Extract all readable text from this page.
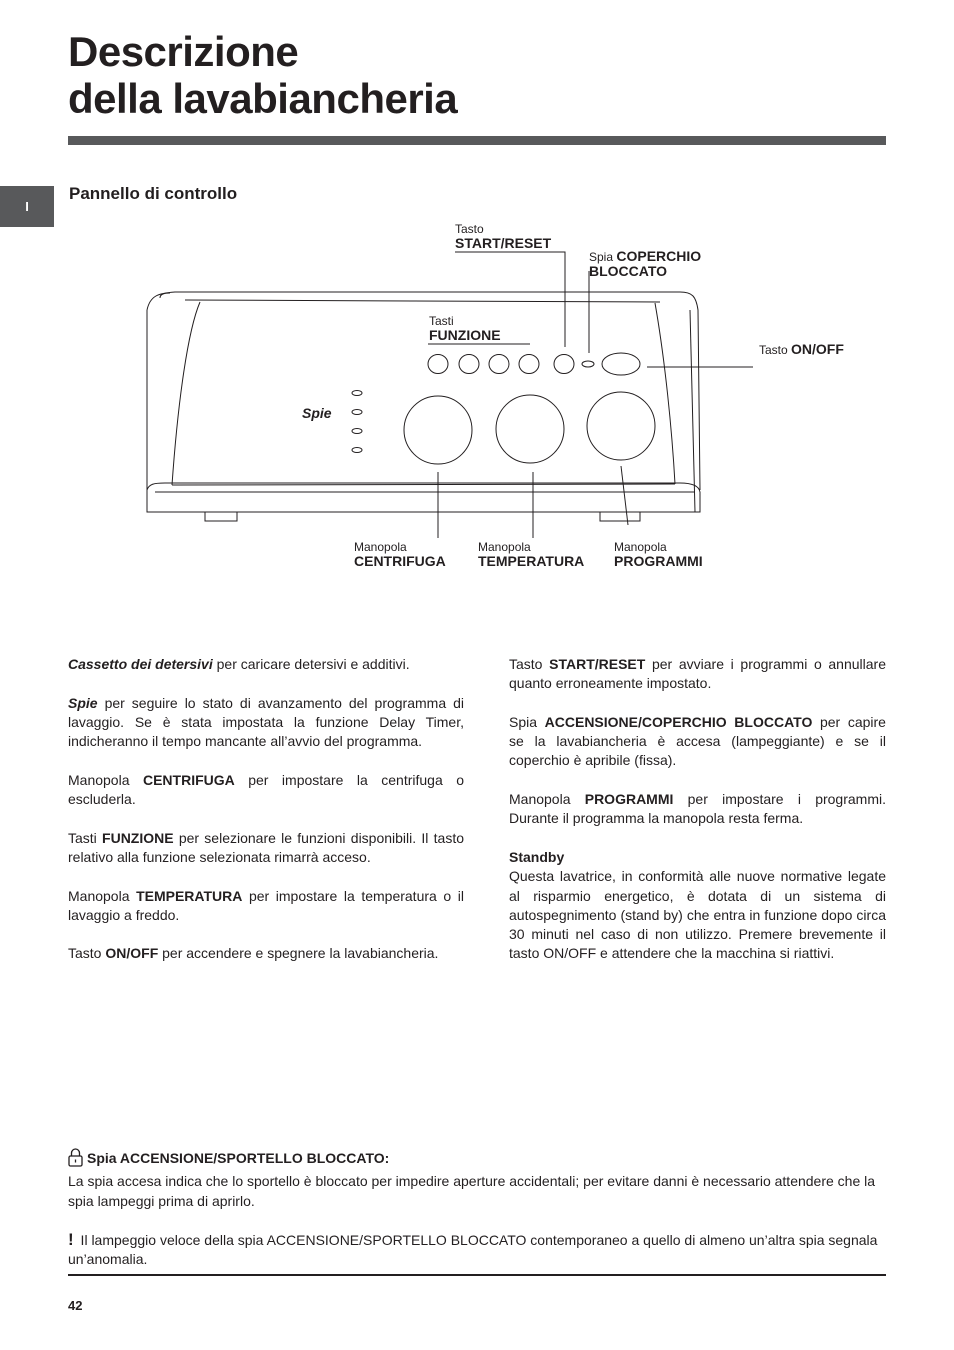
Descrizione
della lavabiancheria
I
Pannello di controllo
Tasto
START/RESET
Spia COPERCHIO
BLOCCATO
Tasti
FUNZIONE
Tasto ON/OFF
Spie
Manopola
CENTRIFUGA
Manopola
TEMPERATURA
Manopola
PROGRAMMI

Cassetto dei detersivi per caricare detersivi e additivi.

Spie per seguire lo stato di avanzamento del programma di lavaggio. Se è stata impostata la funzione Delay Timer, indicheranno il tempo mancante all’avvio del programma.

Manopola CENTRIFUGA per impostare la centrifuga o escluderla.

Tasti FUNZIONE per selezionare le funzioni disponibili. Il tasto relativo alla funzione selezionata rimarrà acceso.

Manopola TEMPERATURA per impostare la temperatura o il lavaggio a freddo.

Tasto ON/OFF per accendere e spegnere la lavabiancheria.

Tasto START/RESET per avviare i programmi o annullare quanto erroneamente impostato.

Spia ACCENSIONE/COPERCHIO BLOCCATO per capire se la lavabiancheria è accesa (lampeggiante) e se il coperchio è apribile (fissa).

Manopola PROGRAMMI per impostare i programmi. Durante il programma la manopola resta ferma.

Standby
Questa lavatrice, in conformità alle nuove normative legate al risparmio energetico, è dotata di un sistema di autospegnimento (stand by) che entra in funzione dopo circa 30 minuti nel caso di non utilizzo. Premere brevemente il tasto ON/OFF e attendere che la macchina si riattivi.

Spia ACCENSIONE/SPORTELLO BLOCCATO:
La spia accesa indica che lo sportello è bloccato per impedire aperture accidentali; per evitare danni è necessario attendere che la spia lampeggi prima di aprirlo.

! Il lampeggio veloce della spia ACCENSIONE/SPORTELLO BLOCCATO contemporaneo a quello di almeno un’altra spia segnala un’anomalia.

42
